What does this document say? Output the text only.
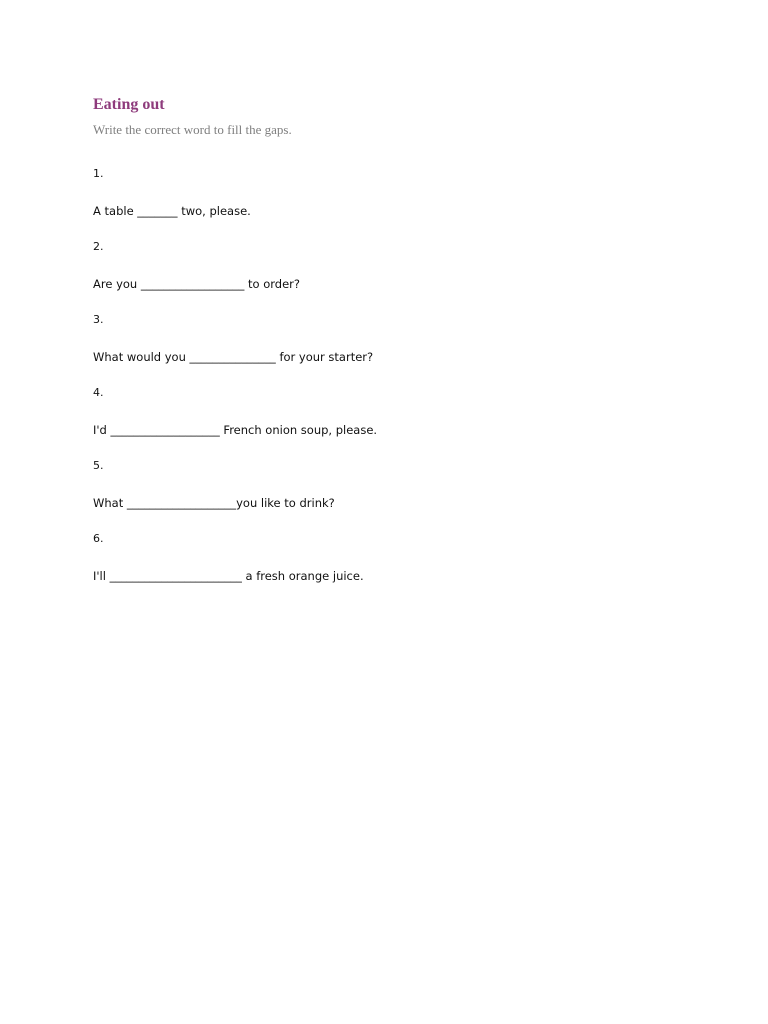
Eating out

Write the correct word to fill the gaps.

1.

A table _______ two, please.

2.

Are you __________________ to order?

3.

What would you _______________ for your starter?

4.

I'd ___________________ French onion soup, please.

5.

What ___________________you like to drink?

6.

I'll _______________________ a fresh orange juice.
